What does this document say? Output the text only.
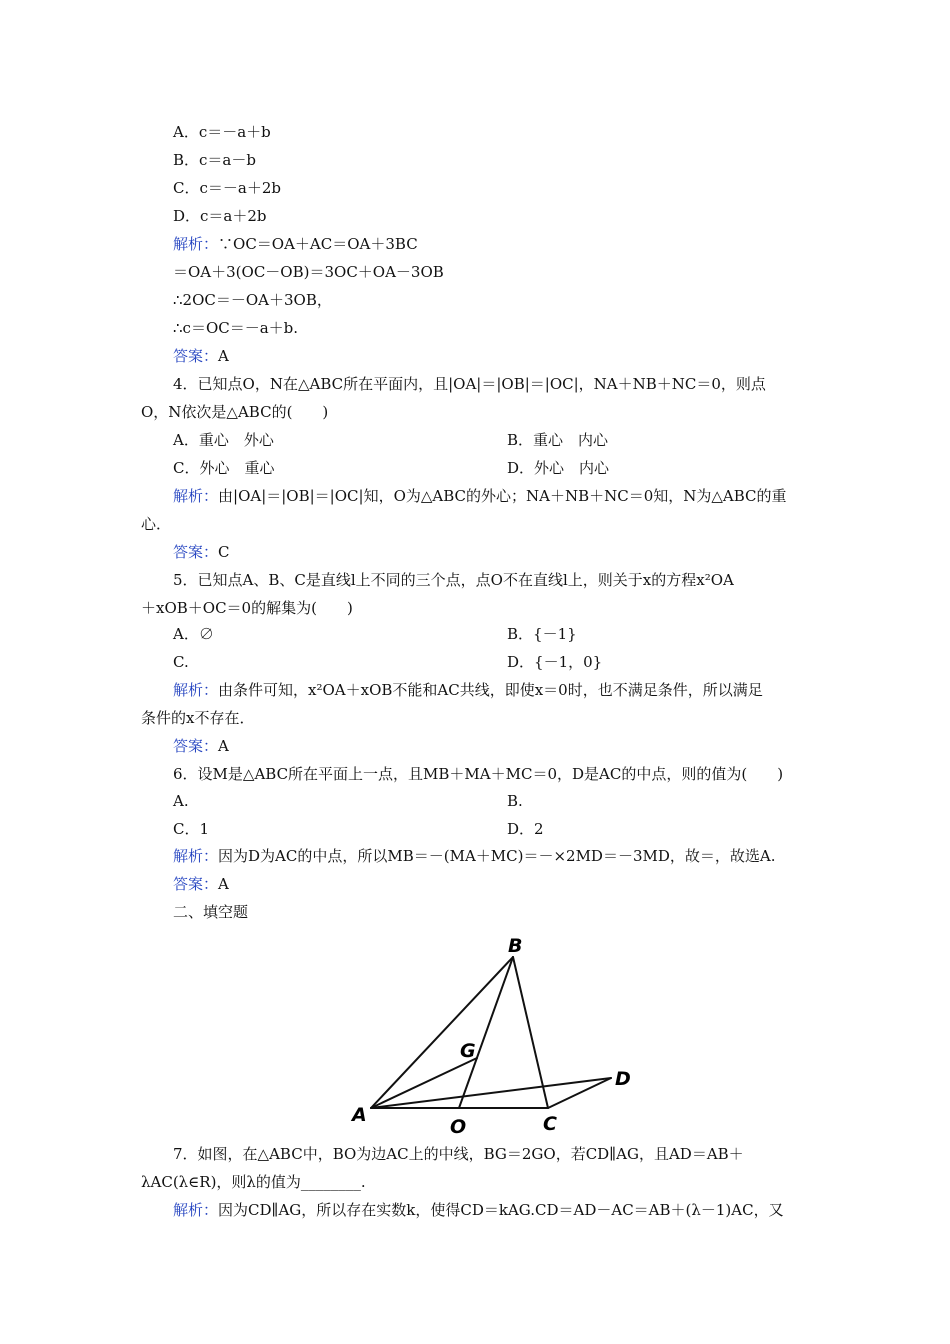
A．c＝－a＋b
B．c＝a－b
C．c＝－a＋2b
D．c＝a＋2b
解析：∵OC＝OA＋AC＝OA＋3BC
＝OA＋3(OC－OB)＝3OC＋OA－3OB
∴2OC＝－OA＋3OB，
∴c＝OC＝－a＋b.
答案：A
4．已知点O，N在△ABC所在平面内，且|OA|＝|OB|＝|OC|，NA＋NB＋NC＝0，则点
O，N依次是△ABC的(　　)
A．重心　外心	B．重心　内心
C．外心　重心	D．外心　内心
解析：由|OA|＝|OB|＝|OC|知，O为△ABC的外心；NA＋NB＋NC＝0知，N为△ABC的重
心．
答案：C
5．已知点A、B、C是直线l上不同的三个点，点O不在直线l上，则关于x的方程x²OA
＋xOB＋OC＝0的解集为(　　)
A．∅	B．{－1}
C.	D．{－1，0}
解析：由条件可知，x²OA＋xOB不能和AC共线，即使x＝0时，也不满足条件，所以满足
条件的x不存在．
答案：A
6．设M是△ABC所在平面上一点，且MB＋MA＋MC＝0，D是AC的中点，则的值为(　　)
A.	B.
C．1	D．2
解析：因为D为AC的中点，所以MB＝－(MA＋MC)＝－×2MD＝－3MD，故＝，故选A.
答案：A
二、填空题
B
G
D
A
O	C
7．如图，在△ABC中，BO为边AC上的中线，BG＝2GO，若CD∥AG，且AD＝AB＋
λAC(λ∈R)，则λ的值为________.
解析：因为CD∥AG，所以存在实数k，使得CD＝kAG.CD＝AD－AC＝AB＋(λ－1)AC，又
